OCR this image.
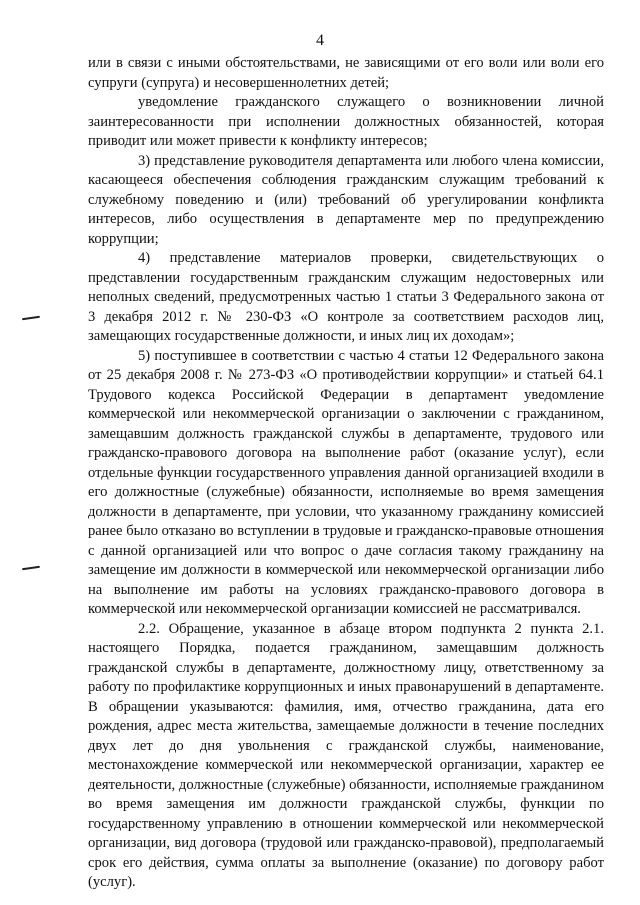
4

или в связи с иными обстоятельствами, не зависящими от его воли или воли его супруги (супруга) и несовершеннолетних детей;

уведомление гражданского служащего о возникновении личной заинтересованности при исполнении должностных обязанностей, которая приводит или может привести к конфликту интересов;

3) представление руководителя департамента или любого члена комиссии, касающееся обеспечения соблюдения гражданским служащим требований к служебному поведению и (или) требований об урегулировании конфликта интересов, либо осуществления в департаменте мер по предупреждению коррупции;

4) представление материалов проверки, свидетельствующих о представлении государственным гражданским служащим недостоверных или неполных сведений, предусмотренных частью 1 статьи 3 Федерального закона от 3 декабря 2012 г. № 230-ФЗ «О контроле за соответствием расходов лиц, замещающих государственные должности, и иных лиц их доходам»;

5) поступившее в соответствии с частью 4 статьи 12 Федерального закона от 25 декабря 2008 г. № 273-ФЗ «О противодействии коррупции» и статьей 64.1 Трудового кодекса Российской Федерации в департамент уведомление коммерческой или некоммерческой организации о заключении с гражданином, замещавшим должность гражданской службы в департаменте, трудового или гражданско-правового договора на выполнение работ (оказание услуг), если отдельные функции государственного управления данной организацией входили в его должностные (служебные) обязанности, исполняемые во время замещения должности в департаменте, при условии, что указанному гражданину комиссией ранее было отказано во вступлении в трудовые и гражданско-правовые отношения с данной организацией или что вопрос о даче согласия такому гражданину на замещение им должности в коммерческой или некоммерческой организации либо на выполнение им работы на условиях гражданско-правового договора в коммерческой или некоммерческой организации комиссией не рассматривался.

2.2. Обращение, указанное в абзаце втором подпункта 2 пункта 2.1. настоящего Порядка, подается гражданином, замещавшим должность гражданской службы в департаменте, должностному лицу, ответственному за работу по профилактике коррупционных и иных правонарушений в департаменте. В обращении указываются: фамилия, имя, отчество гражданина, дата его рождения, адрес места жительства, замещаемые должности в течение последних двух лет до дня увольнения с гражданской службы, наименование, местонахождение коммерческой или некоммерческой организации, характер ее деятельности, должностные (служебные) обязанности, исполняемые гражданином во время замещения им должности гражданской службы, функции по государственному управлению в отношении коммерческой или некоммерческой организации, вид договора (трудовой или гражданско-правовой), предполагаемый срок его действия, сумма оплаты за выполнение (оказание) по договору работ (услуг).
